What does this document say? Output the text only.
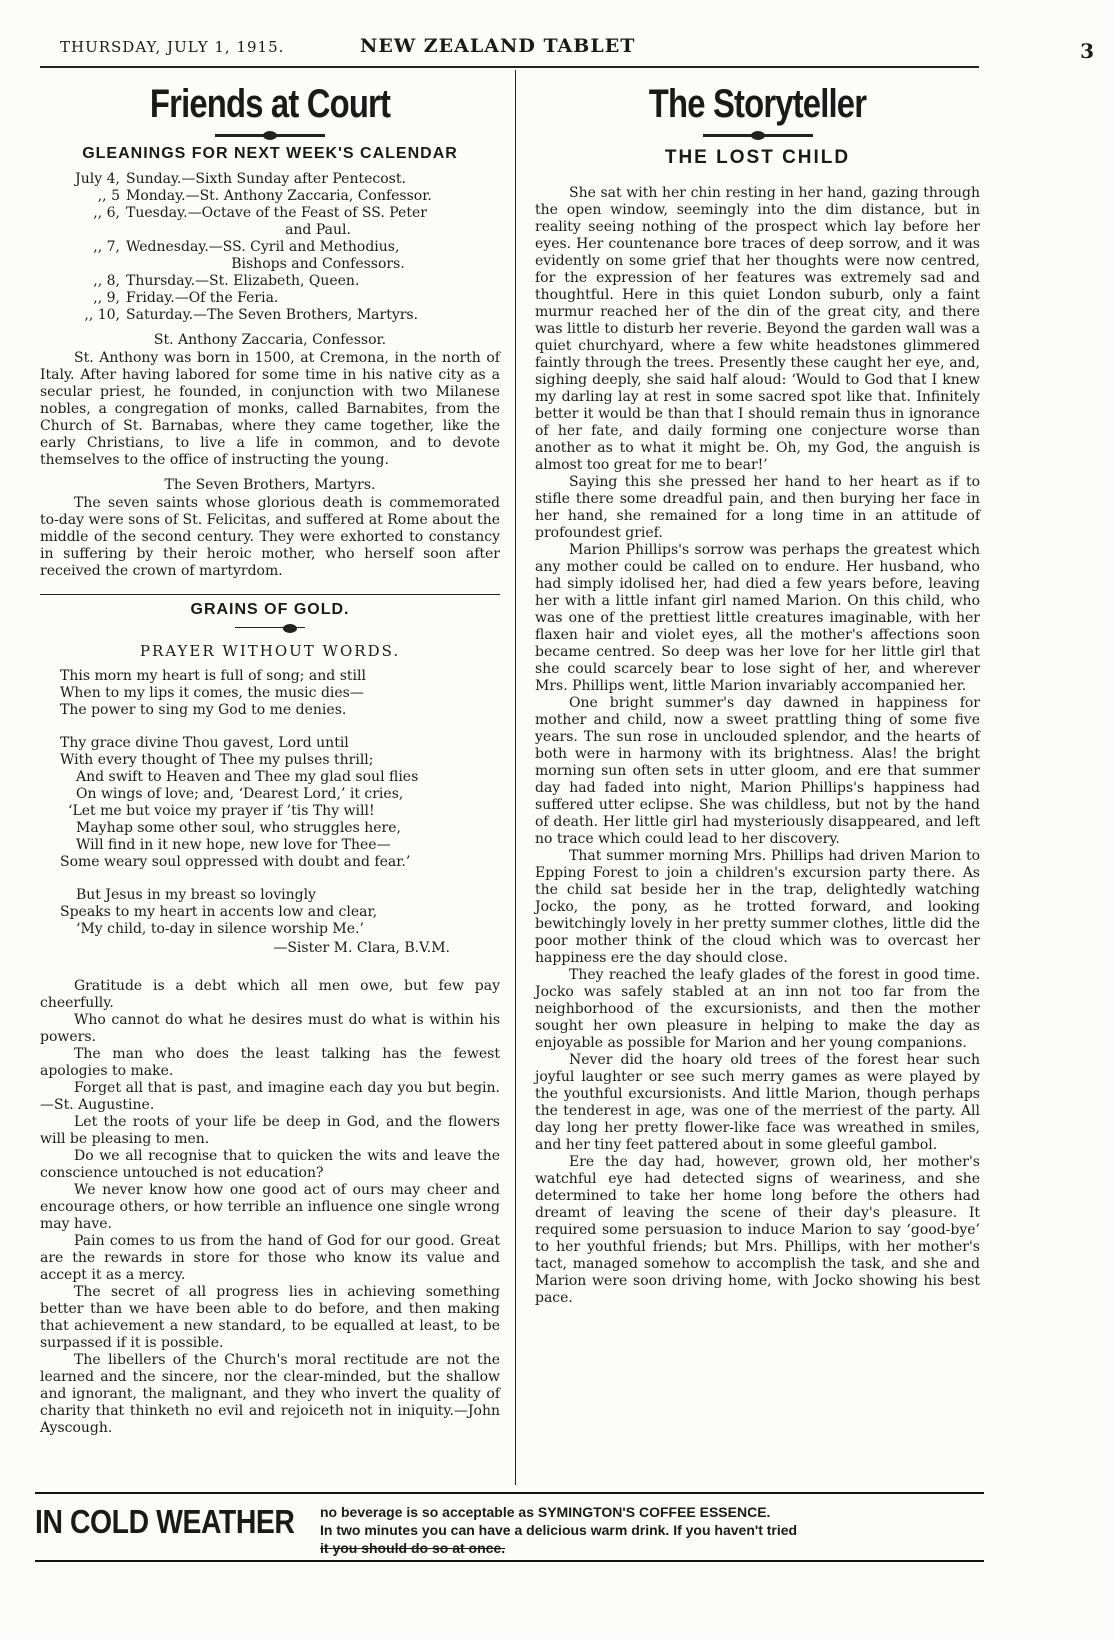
THURSDAY, JULY 1, 1915.	NEW ZEALAND TABLET	3
Friends at Court
GLEANINGS FOR NEXT WEEK'S CALENDAR
July 4, Sunday.—Sixth Sunday after Pentecost.
,, 5 Monday.—St. Anthony Zaccaria, Confessor.
,, 6, Tuesday.—Octave of the Feast of SS. Peter
and Paul.
,, 7, Wednesday.—SS. Cyril and Methodius,
Bishops and Confessors.
,, 8, Thursday.—St. Elizabeth, Queen.
,, 9, Friday.—Of the Feria.
,, 10, Saturday.—The Seven Brothers, Martyrs.
St. Anthony Zaccaria, Confessor.

St. Anthony was born in 1500, at Cremona, in the north of Italy. After having labored for some time in his native city as a secular priest, he founded, in conjunction with two Milanese nobles, a congregation of monks, called Barnabites, from the Church of St. Barnabas, where they came together, like the early Christians, to live a life in common, and to devote themselves to the office of instructing the young.

The Seven Brothers, Martyrs.

The seven saints whose glorious death is commemorated to-day were sons of St. Felicitas, and suffered at Rome about the middle of the second century. They were exhorted to constancy in suffering by their heroic mother, who herself soon after received the crown of martyrdom.

GRAINS OF GOLD.
PRAYER WITHOUT WORDS.
This morn my heart is full of song; and still
When to my lips it comes, the music dies—
The power to sing my God to me denies.
Thy grace divine Thou gavest, Lord until
With every thought of Thee my pulses thrill;
And swift to Heaven and Thee my glad soul flies
On wings of love; and, ‘Dearest Lord,’ it cries,
‘Let me but voice my prayer if ’tis Thy will!
Mayhap some other soul, who struggles here,
Will find in it new hope, new love for Thee—
Some weary soul oppressed with doubt and fear.’
But Jesus in my breast so lovingly
Speaks to my heart in accents low and clear,
‘My child, to-day in silence worship Me.’
—Sister M. Clara, B.V.M.

Gratitude is a debt which all men owe, but few pay cheerfully.

Who cannot do what he desires must do what is within his powers.

The man who does the least talking has the fewest apologies to make.

Forget all that is past, and imagine each day you but begin.—St. Augustine.

Let the roots of your life be deep in God, and the flowers will be pleasing to men.

Do we all recognise that to quicken the wits and leave the conscience untouched is not education?

We never know how one good act of ours may cheer and encourage others, or how terrible an influence one single wrong may have.

Pain comes to us from the hand of God for our good. Great are the rewards in store for those who know its value and accept it as a mercy.

The secret of all progress lies in achieving something better than we have been able to do before, and then making that achievement a new standard, to be equalled at least, to be surpassed if it is possible.

The libellers of the Church's moral rectitude are not the learned and the sincere, nor the clear-minded, but the shallow and ignorant, the malignant, and they who invert the quality of charity that thinketh no evil and rejoiceth not in iniquity.—John Ayscough.

The Storyteller
THE LOST CHILD

She sat with her chin resting in her hand, gazing through the open window, seemingly into the dim distance, but in reality seeing nothing of the prospect which lay before her eyes. Her countenance bore traces of deep sorrow, and it was evidently on some grief that her thoughts were now centred, for the expression of her features was extremely sad and thoughtful. Here in this quiet London suburb, only a faint murmur reached her of the din of the great city, and there was little to disturb her reverie. Beyond the garden wall was a quiet churchyard, where a few white headstones glimmered faintly through the trees. Presently these caught her eye, and, sighing deeply, she said half aloud: ‘Would to God that I knew my darling lay at rest in some sacred spot like that. Infinitely better it would be than that I should remain thus in ignorance of her fate, and daily forming one conjecture worse than another as to what it might be. Oh, my God, the anguish is almost too great for me to bear!’

Saying this she pressed her hand to her heart as if to stifle there some dreadful pain, and then burying her face in her hand, she remained for a long time in an attitude of profoundest grief.

Marion Phillips's sorrow was perhaps the greatest which any mother could be called on to endure. Her husband, who had simply idolised her, had died a few years before, leaving her with a little infant girl named Marion. On this child, who was one of the prettiest little creatures imaginable, with her flaxen hair and violet eyes, all the mother's affections soon became centred. So deep was her love for her little girl that she could scarcely bear to lose sight of her, and wherever Mrs. Phillips went, little Marion invariably accompanied her.

One bright summer's day dawned in happiness for mother and child, now a sweet prattling thing of some five years. The sun rose in unclouded splendor, and the hearts of both were in harmony with its brightness. Alas! the bright morning sun often sets in utter gloom, and ere that summer day had faded into night, Marion Phillips's happiness had suffered utter eclipse. She was childless, but not by the hand of death. Her little girl had mysteriously disappeared, and left no trace which could lead to her discovery.

That summer morning Mrs. Phillips had driven Marion to Epping Forest to join a children's excursion party there. As the child sat beside her in the trap, delightedly watching Jocko, the pony, as he trotted forward, and looking bewitchingly lovely in her pretty summer clothes, little did the poor mother think of the cloud which was to overcast her happiness ere the day should close.

They reached the leafy glades of the forest in good time. Jocko was safely stabled at an inn not too far from the neighborhood of the excursionists, and then the mother sought her own pleasure in helping to make the day as enjoyable as possible for Marion and her young companions.

Never did the hoary old trees of the forest hear such joyful laughter or see such merry games as were played by the youthful excursionists. And little Marion, though perhaps the tenderest in age, was one of the merriest of the party. All day long her pretty flower-like face was wreathed in smiles, and her tiny feet pattered about in some gleeful gambol.

Ere the day had, however, grown old, her mother's watchful eye had detected signs of weariness, and she determined to take her home long before the others had dreamt of leaving the scene of their day's pleasure. It required some persuasion to induce Marion to say ‘good-bye’ to her youthful friends; but Mrs. Phillips, with her mother's tact, managed somehow to accomplish the task, and she and Marion were soon driving home, with Jocko showing his best pace.

IN COLD WEATHER no beverage is so acceptable as SYMINGTON'S COFFEE ESSENCE.
In two minutes you can have a delicious warm drink. If you haven't tried
it you should do so at once.
